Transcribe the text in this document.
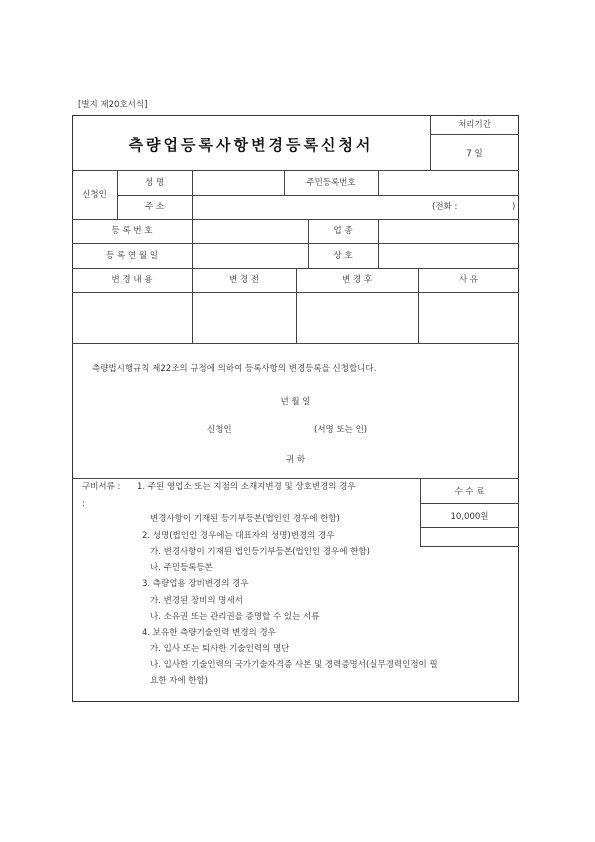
[별지 제20호서식]
측량업등록사항변경등록신청서
처리기간
7 일
신청인
성 명	주민등록번호
주 소	(전화 :	)
등 록 번 호	업 종
등 록 연 월 일	상 호
변 경 내 용	변 경 전	변 경 후	사 유
측량법시행규칙 제22조의 규정에 의하여 등록사항의 변경등록을 신청합니다.
년 월 일
신청인	(서명 또는 인)
귀 하
수 수 료
10,000원
구비서류 : 1. 주된 영업소 또는 지점의 소재지변경 및 상호변경의 경우
:
변경사항이 기재된 등기부등본(법인인 경우에 한함)
2. 성명(법인인 경우에는 대표자의 성명)변경의 경우
가. 변경사항이 기재된 법인등기부등본(법인인 경우에 한함)
나. 주민등록등본
3. 측량업용 장비변경의 경우
가. 변경된 장비의 명세서
나. 소유권 또는 관리권을 증명할 수 있는 서류
4. 보유한 측량기술인력 변경의 경우
가. 입사 또는 퇴사한 기술인력의 명단
나. 입사한 기술인력의 국가기술자격증 사본 및 경력증명서(실무경력인정이 필
요한 자에 한함)
